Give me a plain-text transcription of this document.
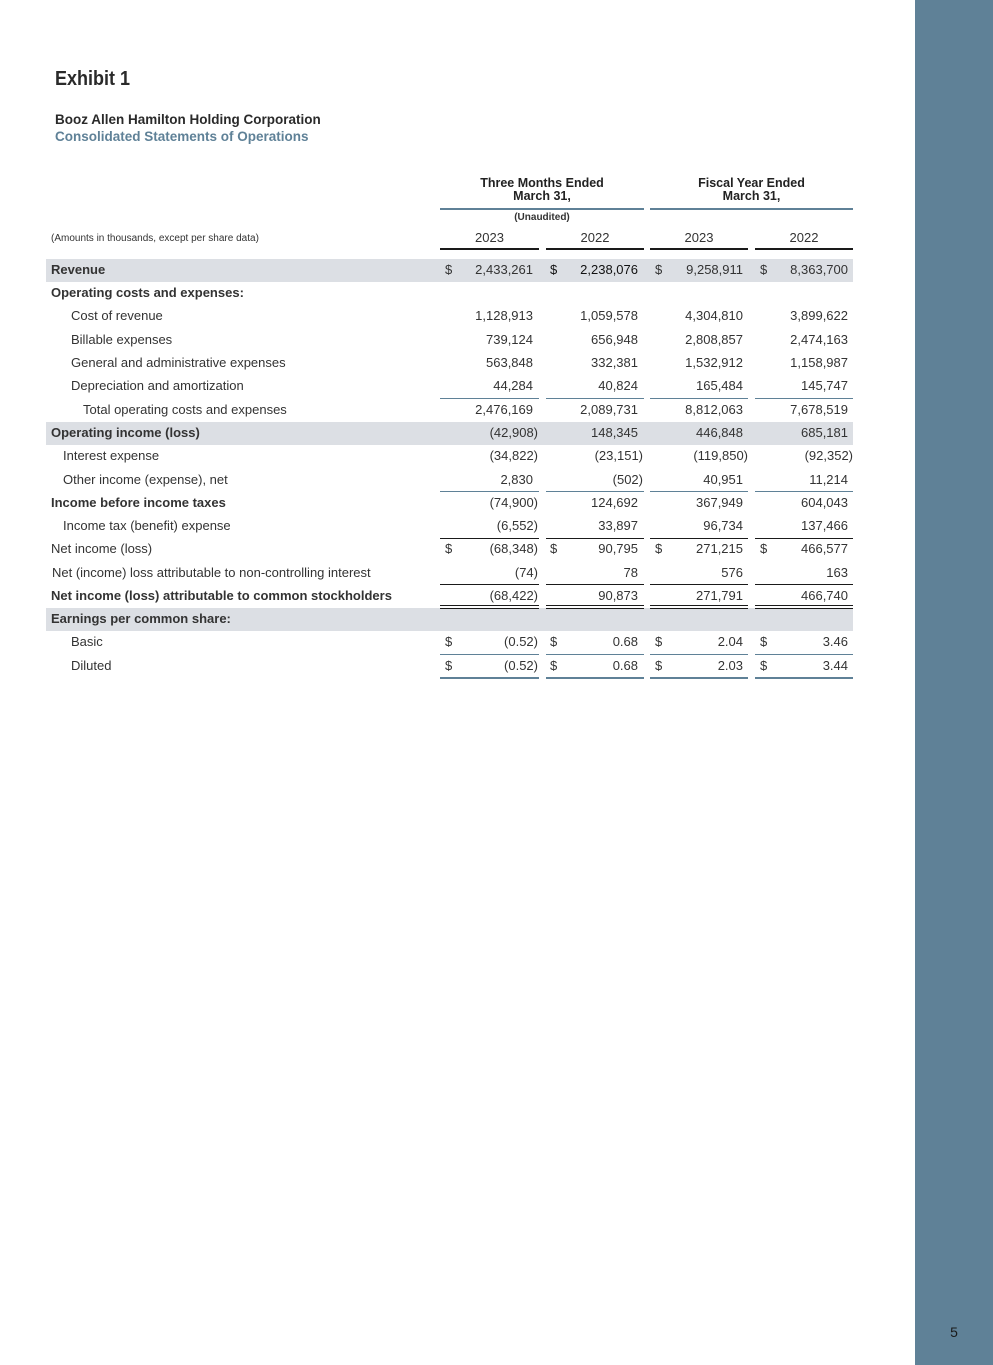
5
Exhibit 1
Booz Allen Hamilton Holding Corporation
Consolidated Statements of Operations
Three Months Ended
March 31,
Fiscal Year Ended
March 31,
(Unaudited)
(Amounts in thousands, except per share data)	2023	2022	2023	2022
Revenue	$	2,433,261 $	2,238,076 $	9,258,911 $	8,363,700
Operating costs and expenses:
Cost of revenue	1,128,913	1,059,578	4,304,810	3,899,622
Billable expenses	739,124	656,948	2,808,857	2,474,163
General and administrative expenses	563,848	332,381	1,532,912	1,158,987
Depreciation and amortization	44,284	40,824	165,484	145,747
Total operating costs and expenses	2,476,169	2,089,731	8,812,063	7,678,519
Operating income (loss)	(42,908)	148,345	446,848	685,181
Interest expense	(34,822)	(23,151)	(119,850)	(92,352)
Other income (expense), net	2,830	(502)	40,951	11,214
Income before income taxes	(74,900)	124,692	367,949	604,043
Income tax (benefit) expense	(6,552)	33,897	96,734	137,466
Net income (loss)	$	(68,348) $	90,795 $	271,215 $	466,577
Net (income) loss attributable to non-controlling interest	(74)	78	576	163
Net income (loss) attributable to common stockholders	(68,422)	90,873	271,791	466,740
Earnings per common share:
Basic	$	(0.52) $	0.68 $	2.04 $	3.46
Diluted	$	(0.52) $	0.68 $	2.03 $	3.44
